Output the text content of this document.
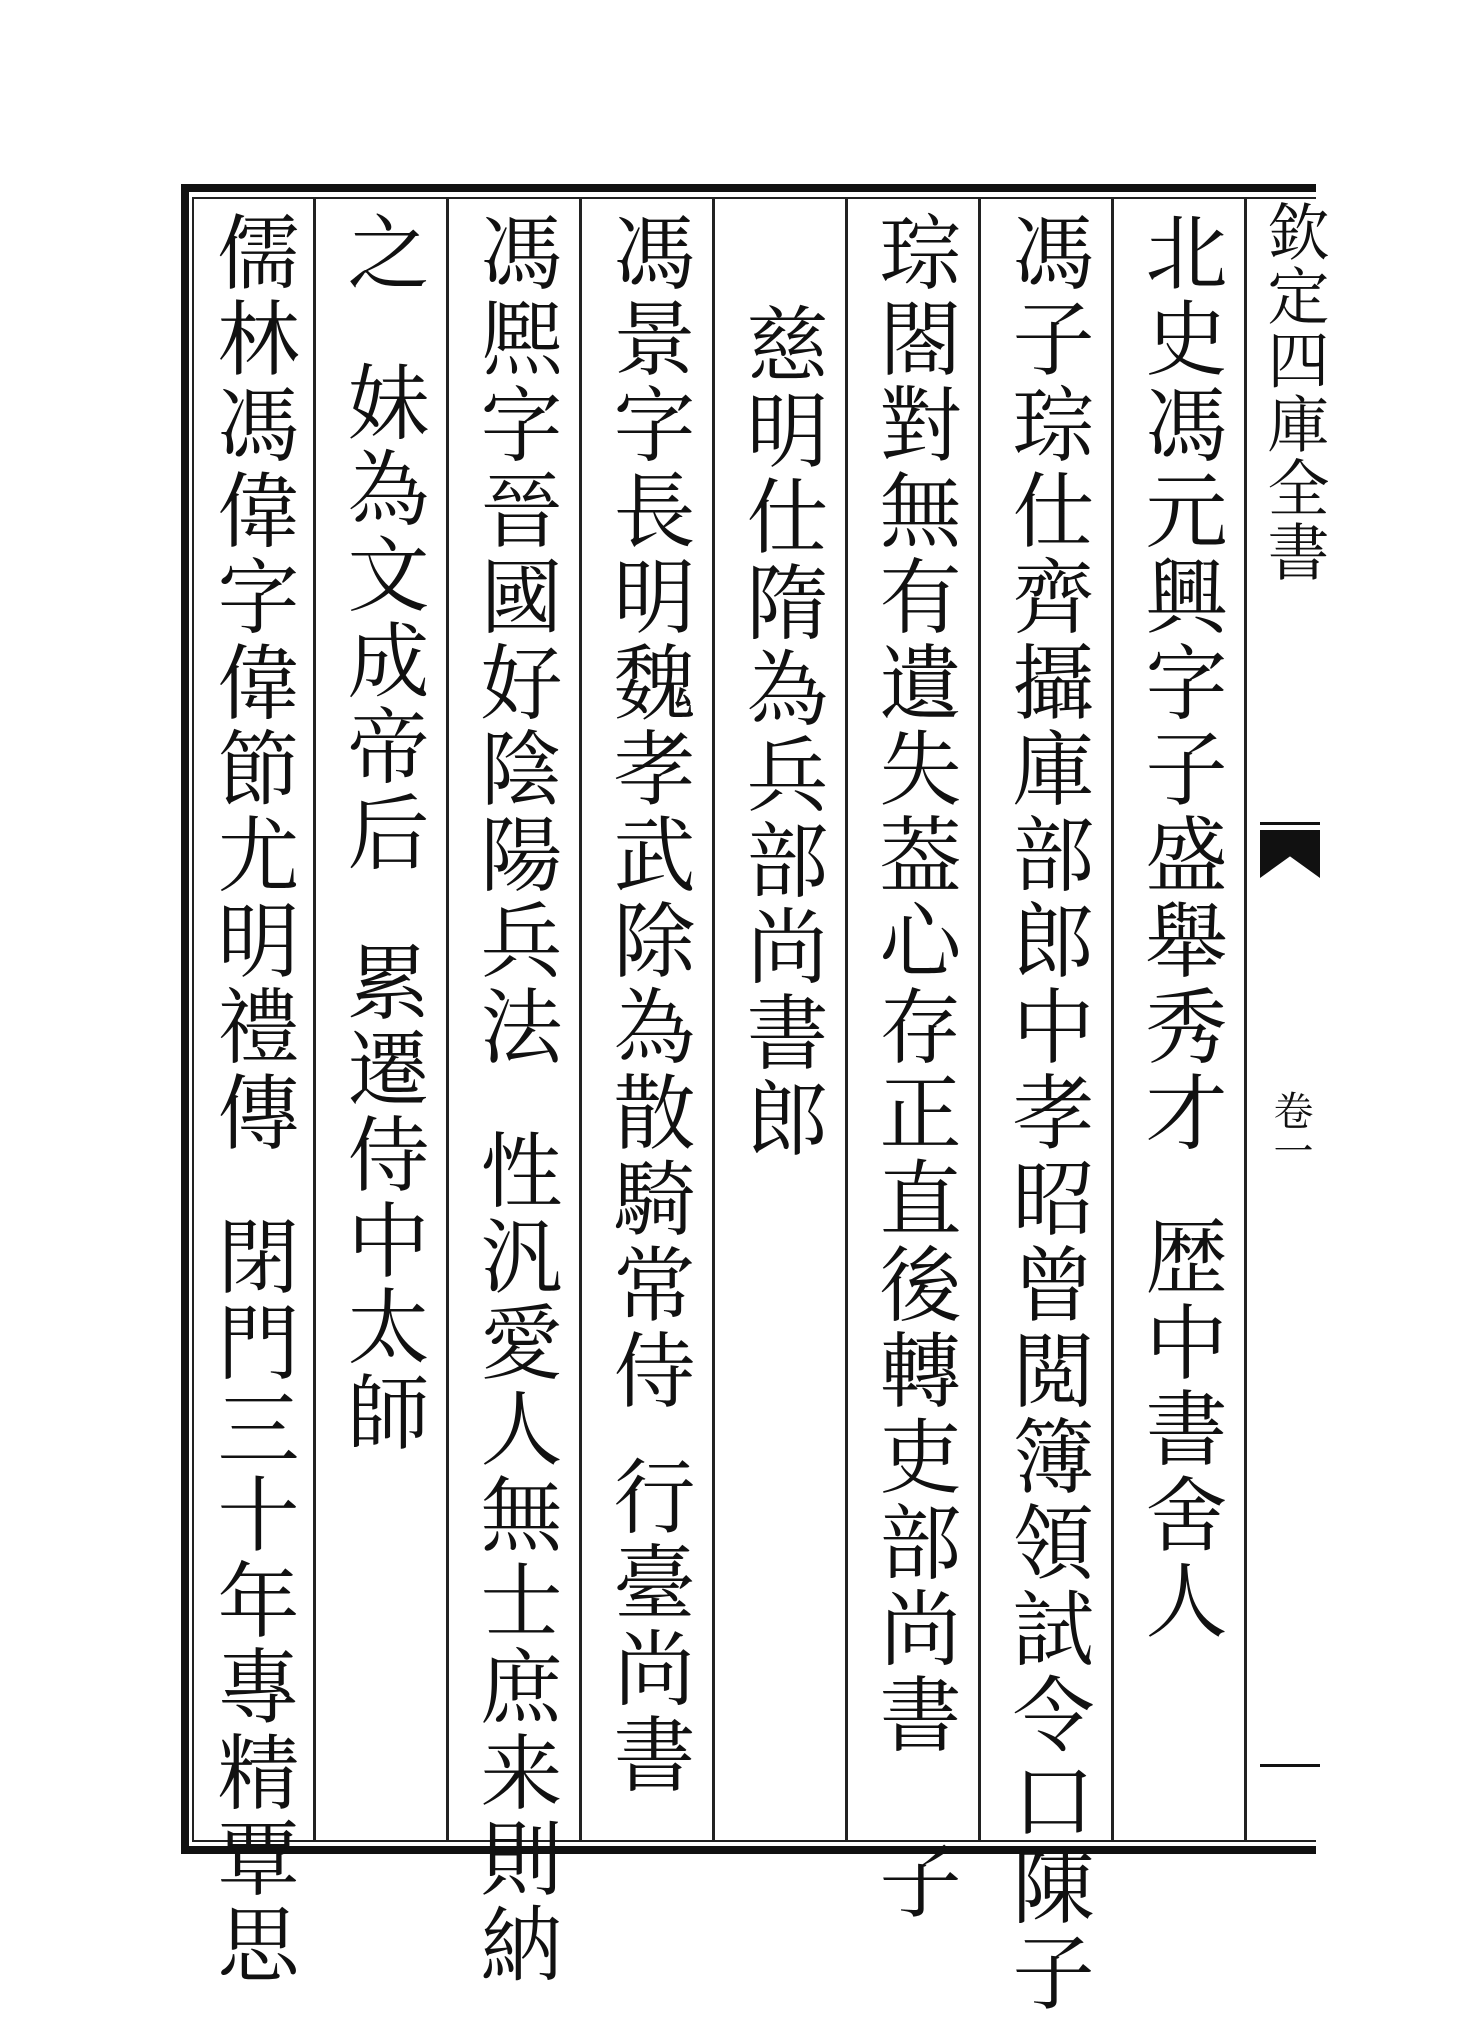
北史馮元興字子盛舉秀才
歴中書舍人
馮子琮仕齊攝庫部郎中孝昭曾閲簿領試令口陳子
琮閤對無有遺失葢心存正直後轉吏部尚書
子
慈明仕隋為兵部尚書郎
馮景字長明魏孝武除為散騎常侍
行臺尚書
馮熈字晉國好陰陽兵法
性汎愛人無士庶来則納
之
妹為文成帝后
累遷侍中太師
儒林馮偉字偉節尤明禮傳
閉門三十年專精覃思
欽定四庫全書
卷一
